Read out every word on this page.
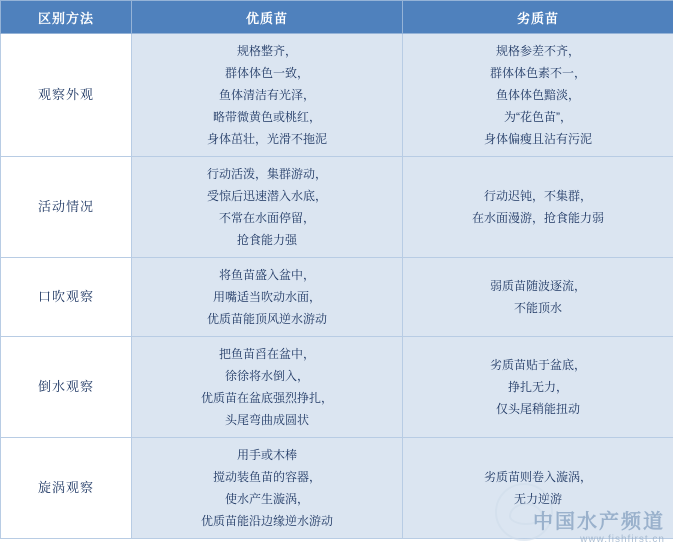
中国水产频道
www.fishfirst.cn
区别方法	优质苗	劣质苗
观察外观	规格整齐，
群体体色一致，
鱼体清洁有光泽，
略带微黄色或桃红，
身体茁壮，光滑不拖泥	规格参差不齐，
群体体色素不一，
鱼体体色黯淡，
为“花色苗”，
身体偏瘦且沾有污泥

活动情况	行动活泼，集群游动，
受惊后迅速潜入水底，
不常在水面停留，
抢食能力强	行动迟钝，不集群，
在水面漫游，抢食能力弱

口吹观察	将鱼苗盛入盆中，
用嘴适当吹动水面，
优质苗能顶风逆水游动	弱质苗随波逐流，
不能顶水

倒水观察	把鱼苗舀在盆中，
徐徐将水倒入，
优质苗在盆底强烈挣扎，
头尾弯曲成圆状	劣质苗贴于盆底，
挣扎无力，
仅头尾稍能扭动

旋涡观察	用手或木棒
搅动装鱼苗的容器，
使水产生漩涡，
优质苗能沿边缘逆水游动	劣质苗则卷入漩涡，
无力逆游
